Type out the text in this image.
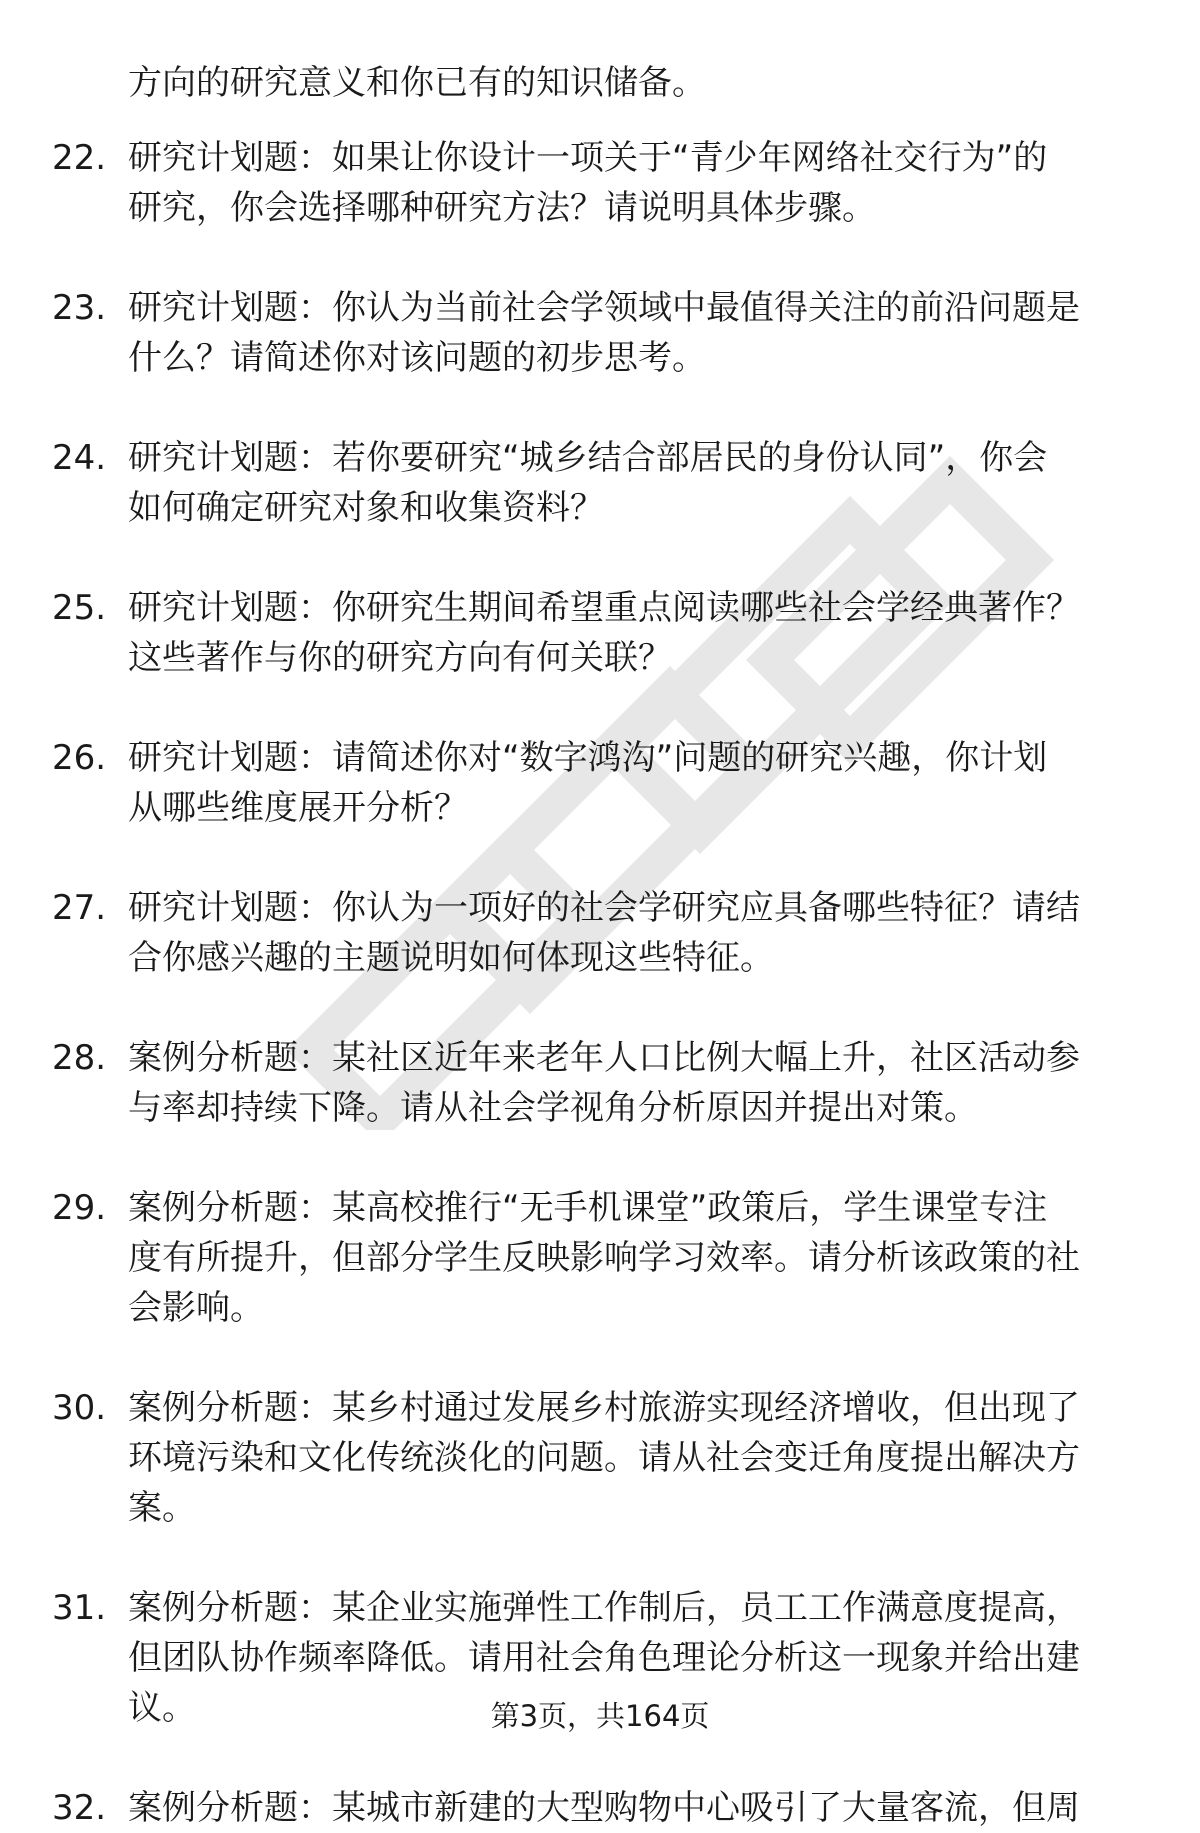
方向的研究意义和你已有的知识储备。
22. 研究计划题：如果让你设计一项关于“青少年网络社交行为”的
研究，你会选择哪种研究方法？请说明具体步骤。
23. 研究计划题：你认为当前社会学领域中最值得关注的前沿问题是
什么？请简述你对该问题的初步思考。
24. 研究计划题：若你要研究“城乡结合部居民的身份认同”，你会
如何确定研究对象和收集资料？
25. 研究计划题：你研究生期间希望重点阅读哪些社会学经典著作？
这些著作与你的研究方向有何关联？
26. 研究计划题：请简述你对“数字鸿沟”问题的研究兴趣，你计划
从哪些维度展开分析？
27. 研究计划题：你认为一项好的社会学研究应具备哪些特征？请结
合你感兴趣的主题说明如何体现这些特征。
28. 案例分析题：某社区近年来老年人口比例大幅上升，社区活动参
与率却持续下降。请从社会学视角分析原因并提出对策。
29. 案例分析题：某高校推行“无手机课堂”政策后，学生课堂专注
度有所提升，但部分学生反映影响学习效率。请分析该政策的社
会影响。
30. 案例分析题：某乡村通过发展乡村旅游实现经济增收，但出现了
环境污染和文化传统淡化的问题。请从社会变迁角度提出解决方
案。
31. 案例分析题：某企业实施弹性工作制后，员工工作满意度提高，
但团队协作频率降低。请用社会角色理论分析这一现象并给出建
议。
32. 案例分析题：某城市新建的大型购物中心吸引了大量客流，但周
第3页，共164页
